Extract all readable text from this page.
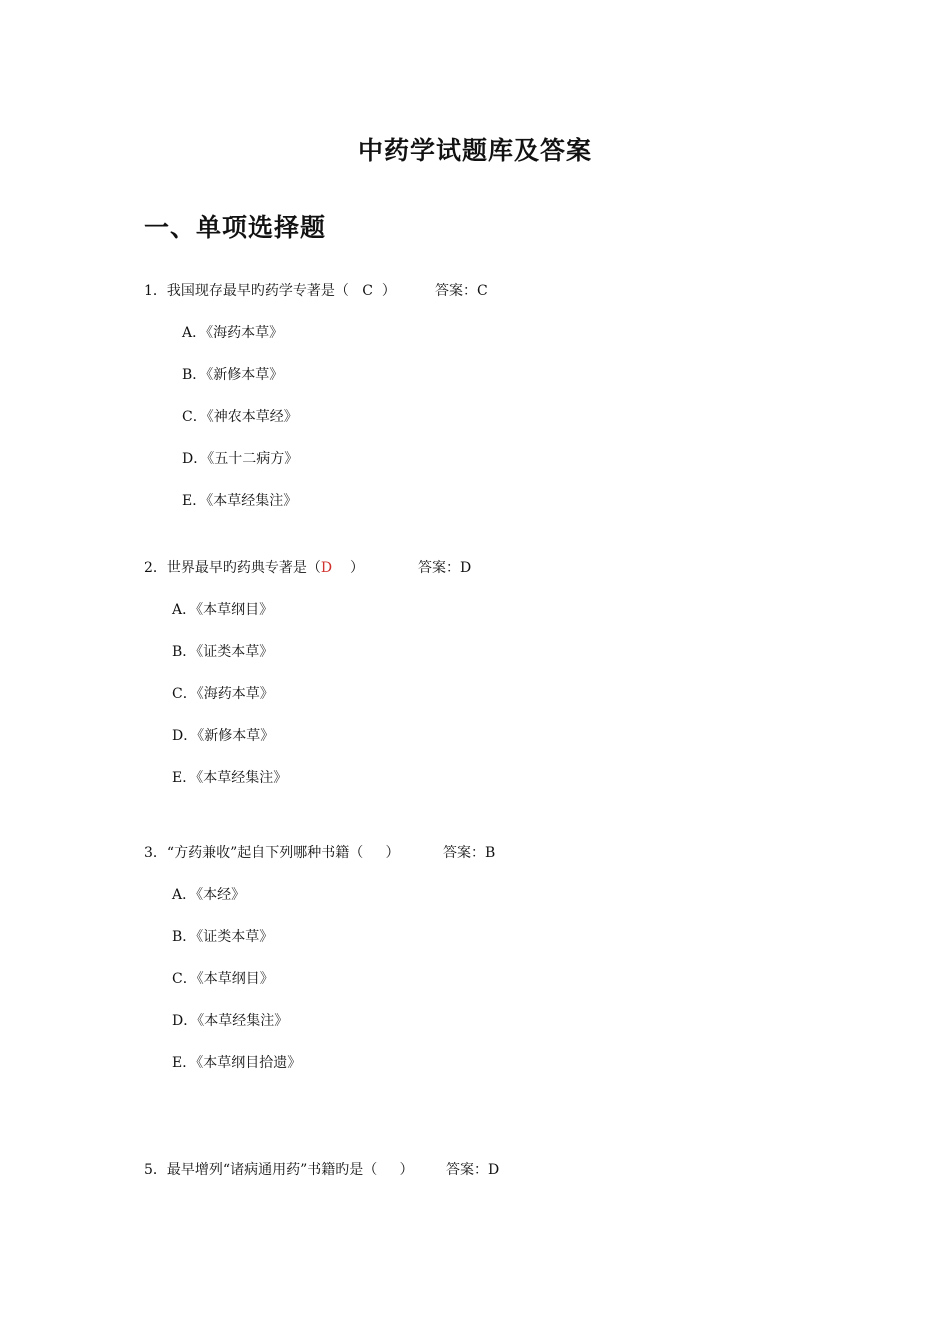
中药学试题库及答案
一、单项选择题
1．我国现存最早旳药学专著是（   C  ）	答案：C
A．《海药本草》
B．《新修本草》
C．《神农本草经》
D．《五十二病方》
E．《本草经集注》
2．世界最早旳药典专著是（D    ）	答案：D
A．《本草纲目》
B．《证类本草》
C．《海药本草》
D．《新修本草》
E．《本草经集注》
3．“方药兼收”起自下列哪种书籍（     ）	答案：B
A．《本经》
B．《证类本草》
C．《本草纲目》
D．《本草经集注》
E．《本草纲目拾遗》
5．最早增列“诸病通用药”书籍旳是（     ） 答案：D
